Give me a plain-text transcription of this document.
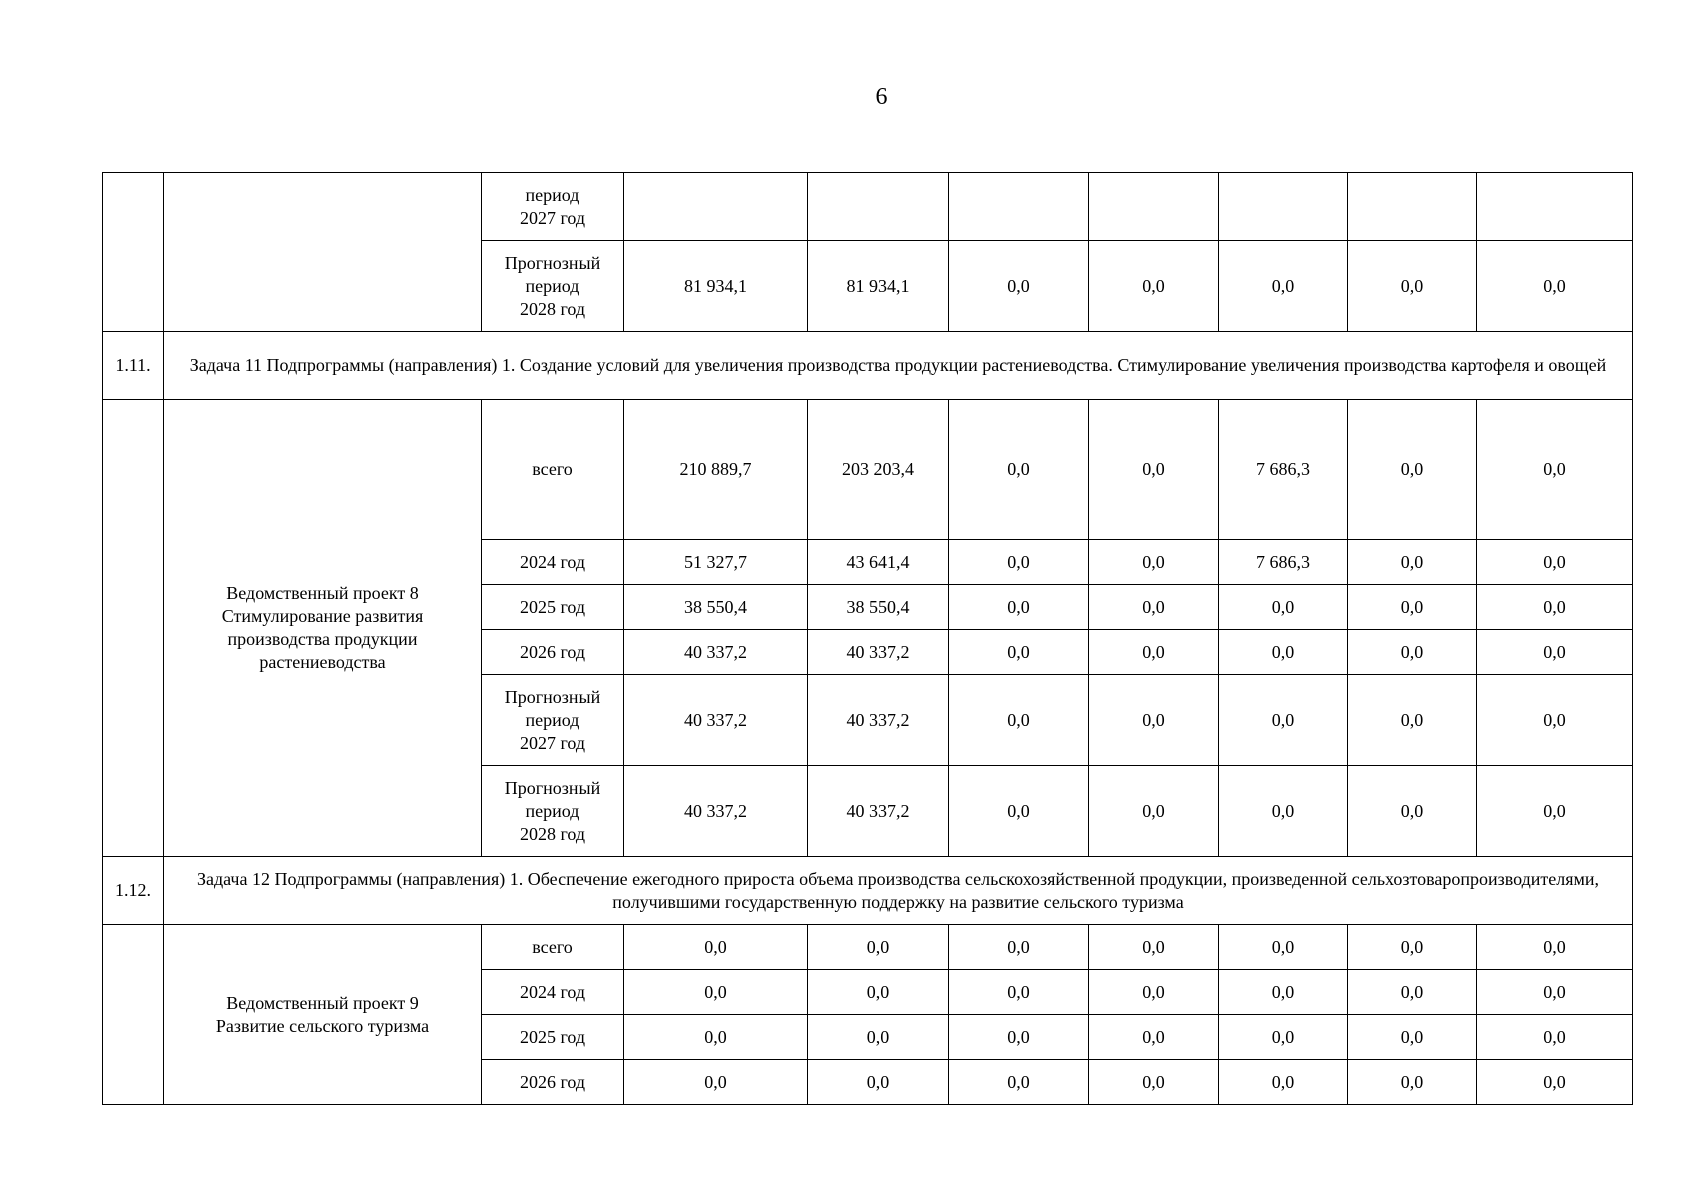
6
		период
2027 год							
		Прогнозный
период
2028 год	81 934,1	81 934,1	0,0	0,0	0,0	0,0	0,0
1.11.	Задача 11 Подпрограммы (направления) 1. Создание условий для увеличения производства продукции растениеводства. Стимулирование увеличения производства картофеля и овощей								
	Ведомственный проект 8
Стимулирование развития
производства продукции
растениеводства	всего	210 889,7	203 203,4	0,0	0,0	7 686,3	0,0	0,0
		2024 год	51 327,7	43 641,4	0,0	0,0	7 686,3	0,0	0,0
		2025 год	38 550,4	38 550,4	0,0	0,0	0,0	0,0	0,0
		2026 год	40 337,2	40 337,2	0,0	0,0	0,0	0,0	0,0
		Прогнозный
период
2027 год	40 337,2	40 337,2	0,0	0,0	0,0	0,0	0,0
		Прогнозный
период
2028 год	40 337,2	40 337,2	0,0	0,0	0,0	0,0	0,0
1.12.	Задача 12 Подпрограммы (направления) 1. Обеспечение ежегодного прироста объема производства сельскохозяйственной продукции, произведенной сельхозтоваропроизводителями, получившими государственную поддержку на развитие сельского туризма								
	Ведомственный проект 9
Развитие сельского туризма	всего	0,0	0,0	0,0	0,0	0,0	0,0	0,0
		2024 год	0,0	0,0	0,0	0,0	0,0	0,0	0,0
		2025 год	0,0	0,0	0,0	0,0	0,0	0,0	0,0
		2026 год	0,0	0,0	0,0	0,0	0,0	0,0	0,0
